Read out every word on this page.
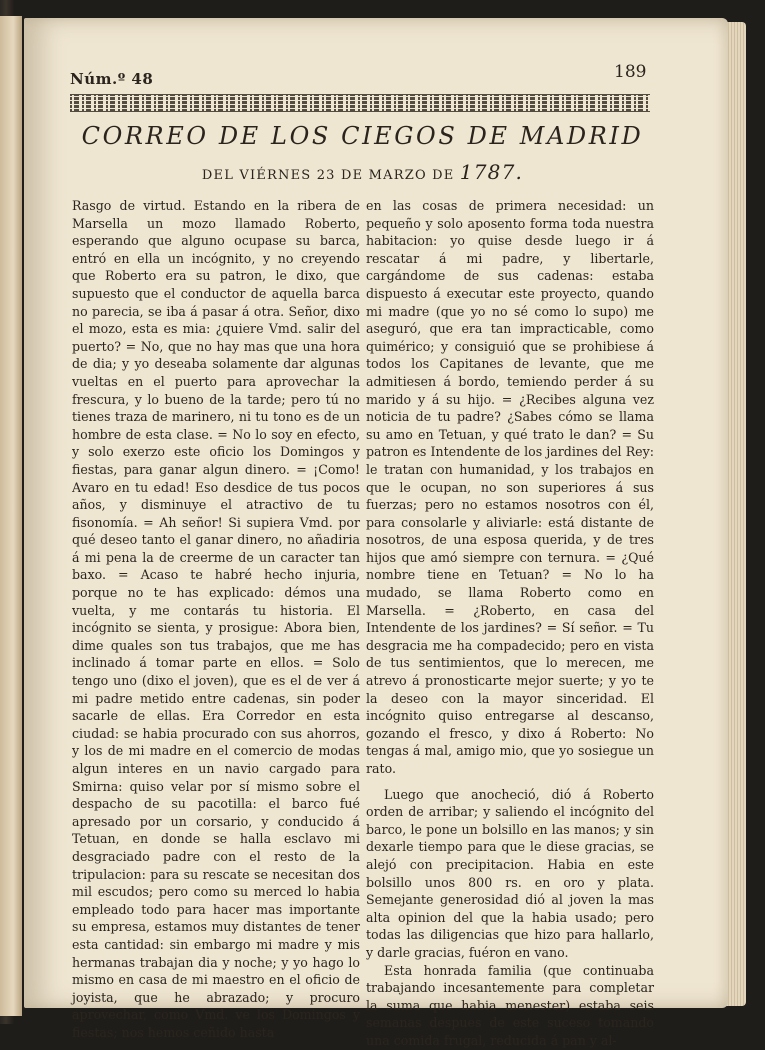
Núm.º 48	189
CORREO DE LOS CIEGOS DE MADRID
DEL VIÉRNES 23 DE MARZO DE 1787.

Rasgo de virtud. Estando en la ribera de Marsella un mozo llamado Roberto, esperando que alguno ocupase su barca, entró en ella un incógnito, y no creyendo que Roberto era su patron, le dixo, que supuesto que el conductor de aquella barca no parecia, se iba á pasar á otra. Señor, dixo el mozo, esta es mia: ¿quiere Vmd. salir del puerto? = No, que no hay mas que una hora de dia; y yo deseaba solamente dar algunas vueltas en el puerto para aprovechar la frescura, y lo bueno de la tarde; pero tú no tienes traza de marinero, ni tu tono es de un hombre de esta clase. = No lo soy en efecto, y solo exerzo este oficio los Domingos y fiestas, para ganar algun dinero. = ¡Como! Avaro en tu edad! Eso desdice de tus pocos años, y disminuye el atractivo de tu fisonomía. = Ah señor! Si supiera Vmd. por qué deseo tanto el ganar dinero, no añadiria á mi pena la de creerme de un caracter tan baxo. = Acaso te habré hecho injuria, porque no te has explicado: démos una vuelta, y me contarás tu historia. El incógnito se sienta, y prosigue: Abora bien, dime quales son tus trabajos, que me has inclinado á tomar parte en ellos. = Solo tengo uno (dixo el joven), que es el de ver á mi padre metido entre cadenas, sin poder sacarle de ellas. Era Corredor en esta ciudad: se habia procurado con sus ahorros, y los de mi madre en el comercio de modas algun interes en un navio cargado para Smirna: quiso velar por sí mismo sobre el despacho de su pacotilla: el barco fué apresado por un corsario, y conducido á Tetuan, en donde se halla esclavo mi desgraciado padre con el resto de la tripulacion: para su rescate se necesitan dos mil escudos; pero como su merced lo habia empleado todo para hacer mas importante su empresa, estamos muy distantes de tener esta cantidad: sin embargo mi madre y mis hermanas trabajan dia y noche; y yo hago lo mismo en casa de mi maestro en el oficio de joyista, que he abrazado; y procuro aprovechar, como Vmd. ve los Domingos y fiestas; nos hemos ceñido hasta

en las cosas de primera necesidad: un pequeño y solo aposento forma toda nuestra habitacion: yo quise desde luego ir á rescatar á mi padre, y libertarle, cargándome de sus cadenas: estaba dispuesto á executar este proyecto, quando mi madre (que yo no sé como lo supo) me aseguró, que era tan impracticable, como quimérico; y consiguió que se prohibiese á todos los Capitanes de levante, que me admitiesen á bordo, temiendo perder á su marido y á su hijo. = ¿Recibes alguna vez noticia de tu padre? ¿Sabes cómo se llama su amo en Tetuan, y qué trato le dan? = Su patron es Intendente de los jardines del Rey: le tratan con humanidad, y los trabajos en que le ocupan, no son superiores á sus fuerzas; pero no estamos nosotros con él, para consolarle y aliviarle: está distante de nosotros, de una esposa querida, y de tres hijos que amó siempre con ternura. = ¿Qué nombre tiene en Tetuan? = No lo ha mudado, se llama Roberto como en Marsella. = ¿Roberto, en casa del Intendente de los jardines? = Sí señor. = Tu desgracia me ha compadecido; pero en vista de tus sentimientos, que lo merecen, me atrevo á pronosticarte mejor suerte; y yo te la deseo con la mayor sinceridad. El incógnito quiso entregarse al descanso, gozando el fresco, y dixo á Roberto: No tengas á mal, amigo mio, que yo sosiegue un rato.

Luego que anocheció, dió á Roberto orden de arribar; y saliendo el incógnito del barco, le pone un bolsillo en las manos; y sin dexarle tiempo para que le diese gracias, se alejó con precipitacion. Habia en este bolsillo unos 800 rs. en oro y plata. Semejante generosidad dió al joven la mas alta opinion del que la habia usado; pero todas las diligencias que hizo para hallarlo, y darle gracias, fuéron en vano.

Esta honrada familia (que continuaba trabajando incesantemente para completar la suma que habia menester) estaba seis semanas despues de este suceso tomando una comida frugal, reducida á pan y al-
